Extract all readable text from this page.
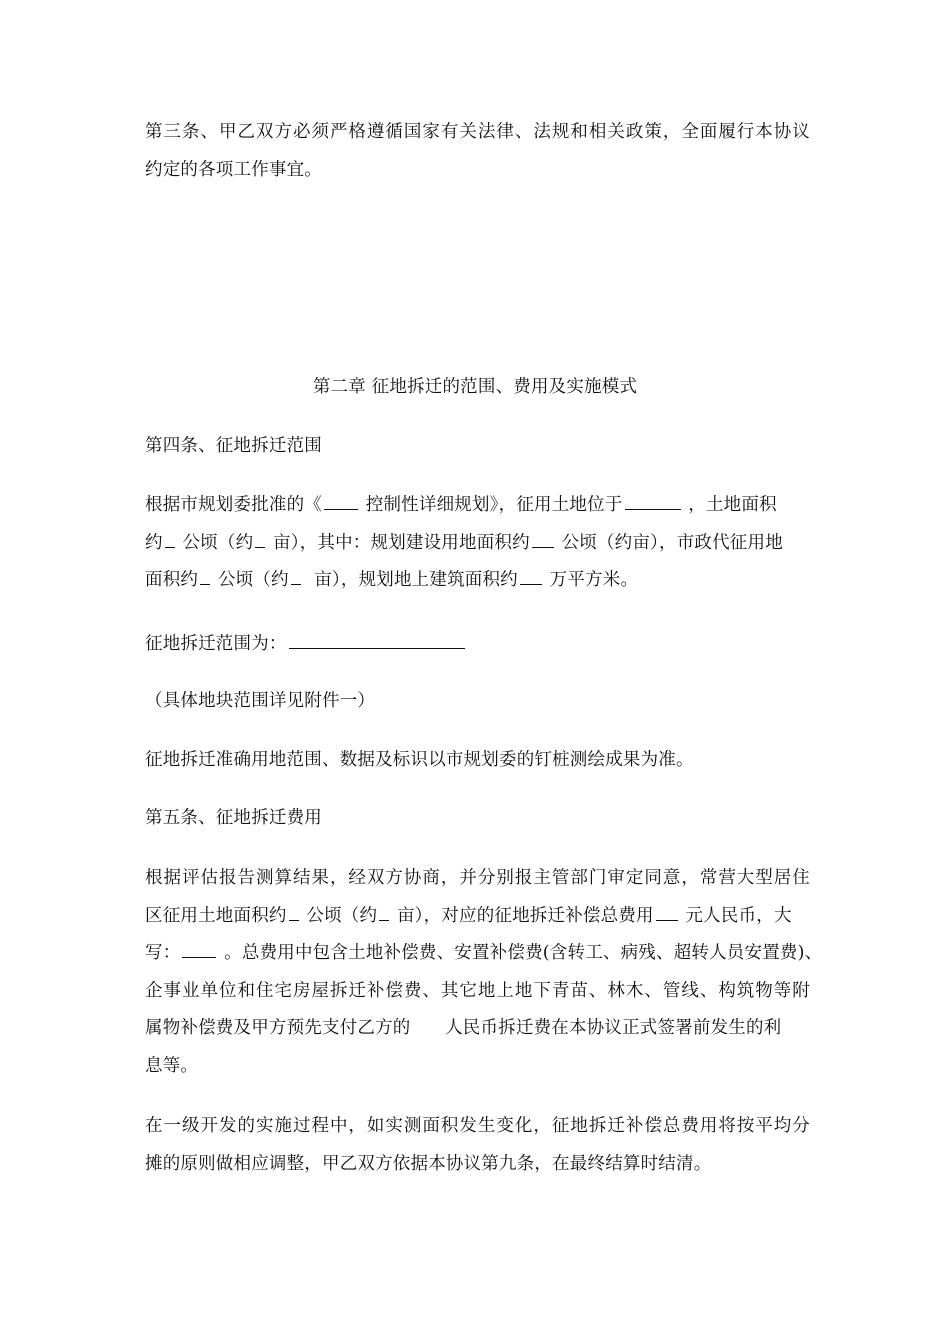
第三条、甲乙双方必须严格遵循国家有关法律、法规和相关政策，全面履行本协议
约定的各项工作事宜。

第二章 征地拆迁的范围、费用及实施模式

第四条、征地拆迁范围

根据市规划委批准的《	控制性详细规划》，征用土地位于	，土地面积
约 公顷（约 亩），其中：规划建设用地面积约 公顷（约亩），市政代征用地
面积约 公顷（约 亩），规划地上建筑面积约 万平方米。

征地拆迁范围为：

（具体地块范围详见附件一）

征地拆迁准确用地范围、数据及标识以市规划委的钉桩测绘成果为准。

第五条、征地拆迁费用

根据评估报告测算结果，经双方协商，并分别报主管部门审定同意，常营大型居住
区征用土地面积约 公顷（约 亩），对应的征地拆迁补偿总费用 元人民币，大
写：	。总费用中包含土地补偿费、安置补偿费(含转工、病残、超转人员安置费)、
企事业单位和住宅房屋拆迁补偿费、其它地上地下青苗、林木、管线、构筑物等附
属物补偿费及甲方预先支付乙方的 人民币拆迁费在本协议正式签署前发生的利
息等。

在一级开发的实施过程中，如实测面积发生变化，征地拆迁补偿总费用将按平均分
摊的原则做相应调整，甲乙双方依据本协议第九条，在最终结算时结清。
